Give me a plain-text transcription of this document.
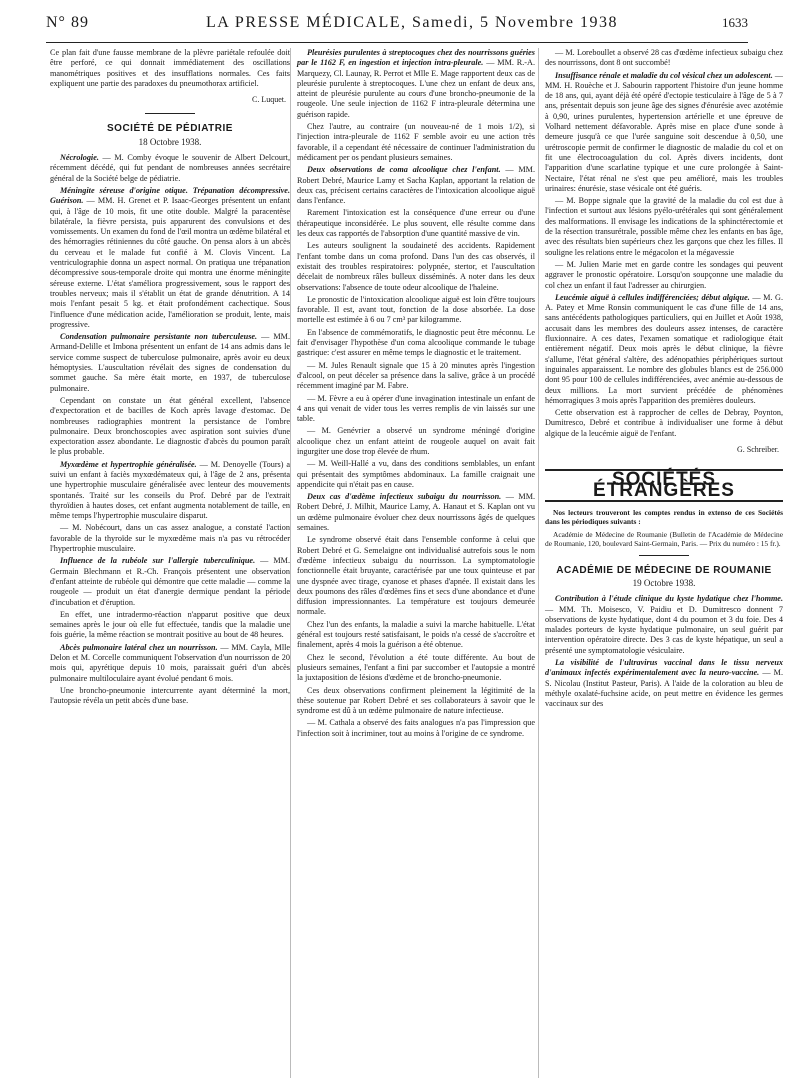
N° 89	LA PRESSE MÉDICALE, Samedi, 5 Novembre 1938	1633

Ce plan fait d'une fausse membrane de la plèvre pariétale refoulée doit être perforé, ce qui donnait immédiatement des oscillations manométriques positives et des insufflations normales. Ces faits expliquent une partie des paradoxes du pneumothorax artificiel.

C. Luquet.

SOCIÉTÉ DE PÉDIATRIE
18 Octobre 1938.

Nécrologie. — M. Comby évoque le souvenir de Albert Delcourt, récemment décédé, qui fut pendant de nombreuses années secrétaire général de la Société belge de pédiatrie.

Méningite séreuse d'origine otique. Trépanation décompressive. Guérison. — MM. H. Grenet et P. Isaac-Georges présentent un enfant qui, à l'âge de 10 mois, fit une otite double. Malgré la paracentèse bilatérale, la fièvre persista, puis apparurent des convulsions et des vomissements. Un examen du fond de l'œil montra un œdème bilatéral et des hémorragies rétiniennes du côté gauche. On pensa alors à un abcès du cerveau et le malade fut confié à M. Clovis Vincent. La ventriculographie donna un aspect normal. On pratiqua une trépanation décompressive sous-temporale droite qui montra une énorme méningite séreuse externe. L'état s'améliora progressivement, sous le rapport des troubles nerveux; mais il s'établit un état de grande dénutrition. A 14 mois l'enfant pesait 5 kg. et était profondément cachectique. Sous l'influence d'une médication acide, l'amélioration se produit, lente, mais progressive.

Condensation pulmonaire persistante non tuberculeuse. — MM. Armand-Delille et Imbona présentent un enfant de 14 ans admis dans le service comme suspect de tuberculose pulmonaire, après avoir eu deux hémoptysies. L'auscultation révélait des signes de condensation du sommet gauche. Sa mère était morte, en 1937, de tuberculose pulmonaire.

Cependant on constate un état général excellent, l'absence d'expectoration et de bacilles de Koch après lavage d'estomac. De nombreuses radiographies montrent la persistance de l'ombre pulmonaire. Deux bronchoscopies avec aspiration sont suivies d'une expectoration assez abondante. Le diagnostic d'abcès du poumon paraît le plus probable.

Myxœdème et hypertrophie généralisée. — M. Denoyelle (Tours) a suivi un enfant à faciès myxœdémateux qui, à l'âge de 2 ans, présenta une hypertrophie musculaire généralisée avec lenteur des mouvements spontanés. Traité sur les conseils du Prof. Debré par de l'extrait thyroïdien à hautes doses, cet enfant augmenta notablement de taille, en même temps l'hypertrophie musculaire disparut.

— M. Nobécourt, dans un cas assez analogue, a constaté l'action favorable de la thyroïde sur le myxœdème mais n'a pas vu rétrocéder l'hypertrophie musculaire.

Influence de la rubéole sur l'allergie tuberculinique. — MM. Germain Blechmann et R.-Ch. François présentent une observation d'enfant atteinte de rubéole qui démontre que cette maladie — comme la rougeole — produit un état d'anergie dermique pendant la période d'incubation et d'éruption.

En effet, une intradermo-réaction n'apparut positive que deux semaines après le jour où elle fut effectuée, tandis que la maladie une fois guérie, la même réaction se montrait positive au bout de 48 heures.

Abcès pulmonaire latéral chez un nourrisson. — MM. Cayla, Mlle Delon et M. Corcelle communiquent l'observation d'un nourrisson de 20 mois qui, apyrétique depuis 10 mois, paraissait guéri d'un abcès pulmonaire multiloculaire ayant évolué pendant 6 mois.

Une broncho-pneumonie intercurrente ayant déterminé la mort, l'autopsie révéla un petit abcès d'une base.

Pleurésies purulentes à streptocoques chez des nourrissons guéries par le 1162 F, en ingestion et injection intra-pleurale. — MM. R.-A. Marquezy, Cl. Launay, R. Perrot et Mlle E. Mage rapportent deux cas de pleurésie purulente à streptocoques. L'une chez un enfant de deux ans, atteint de pleurésie purulente au cours d'une broncho-pneumonie de la rougeole. Une seule injection de 1162 F intra-pleurale détermina une guérison rapide.

Chez l'autre, au contraire (un nouveau-né de 1 mois 1/2), si l'injection intra-pleurale de 1162 F semble avoir eu une action très favorable, il a cependant été nécessaire de continuer l'administration du médicament per os pendant plusieurs semaines.

Deux observations de coma alcoolique chez l'enfant. — MM. Robert Debré, Maurice Lamy et Sacha Kaplan, apportant la relation de deux cas, précisent certains caractères de l'intoxication alcoolique aiguë dans l'enfance.

Rarement l'intoxication est la conséquence d'une erreur ou d'une thérapeutique inconsidérée. Le plus souvent, elle résulte comme dans les deux cas rapportés de l'absorption d'une quantité massive de vin.

Les auteurs soulignent la soudaineté des accidents. Rapidement l'enfant tombe dans un coma profond. Dans l'un des cas observés, il existait des troubles respiratoires: polypnée, stertor, et l'auscultation décelait de nombreux râles bulleux disséminés. A noter dans les deux observations: l'absence de toute odeur alcoolique de l'haleine.

Le pronostic de l'intoxication alcoolique aiguë est loin d'être toujours favorable. Il est, avant tout, fonction de la dose absorbée. La dose mortelle est estimée à 6 ou 7 cm³ par kilogramme.

En l'absence de commémoratifs, le diagnostic peut être méconnu. Le fait d'envisager l'hypothèse d'un coma alcoolique commande le tubage gastrique: c'est assurer en même temps le diagnostic et le traitement.

— M. Jules Renault signale que 15 à 20 minutes après l'ingestion d'alcool, on peut déceler sa présence dans la salive, grâce à un procédé récemment imaginé par M. Fabre.

— M. Fèvre a eu à opérer d'une invagination intestinale un enfant de 4 ans qui venait de vider tous les verres remplis de vin laissés sur une table.

— M. Genévrier a observé un syndrome méningé d'origine alcoolique chez un enfant atteint de rougeole auquel on avait fait ingurgiter une dose trop élevée de rhum.

— M. Weill-Hallé a vu, dans des conditions semblables, un enfant qui présentait des symptômes abdominaux. La famille craignait une appendicite qui n'était pas en cause.

Deux cas d'œdème infectieux subaigu du nourrisson. — MM. Robert Debré, J. Milhit, Maurice Lamy, A. Hanaut et S. Kaplan ont vu un œdème pulmonaire évoluer chez deux nourrissons âgés de quelques semaines.

Le syndrome observé était dans l'ensemble conforme à celui que Robert Debré et G. Semelaigne ont individualisé autrefois sous le nom d'œdème infectieux subaigu du nourrisson. La symptomatologie fonctionnelle était bruyante, caractérisée par une toux quinteuse et par une dyspnée avec tirage, cyanose et phases d'apnée. Il existait dans les deux poumons des râles d'œdèmes fins et secs d'une abondance et d'une diffusion impressionnantes. La température est toujours demeurée normale.

Chez l'un des enfants, la maladie a suivi la marche habituelle. L'état général est toujours resté satisfaisant, le poids n'a cessé de s'accroître et finalement, après 4 mois la guérison a été obtenue.

Chez le second, l'évolution a été toute différente. Au bout de plusieurs semaines, l'enfant a fini par succomber et l'autopsie a montré la juxtaposition de lésions d'œdème et de broncho-pneumonie.

Ces deux observations confirment pleinement la légitimité de la thèse soutenue par Robert Debré et ses collaborateurs à savoir que le syndrome est dû à un œdème pulmonaire de nature infectieuse.

— M. Cathala a observé des faits analogues n'a pas l'impression que l'infection soit à incriminer, tout au moins à l'origine de ce syndrome.

— M. Loreboullet a observé 28 cas d'œdème infectieux subaigu chez des nourrissons, dont 8 ont succombé!

Insuffisance rénale et maladie du col vésical chez un adolescent. — MM. H. Rouèche et J. Sabourin rapportent l'histoire d'un jeune homme de 18 ans, qui, ayant déjà été opéré d'ectopie testiculaire à l'âge de 5 à 7 ans, présentait depuis son jeune âge des signes d'énurésie avec azotémie à 0,90, urines purulentes, hypertension artérielle et une épreuve de Volhard nettement défavorable. Après mise en place d'une sonde à demeure jusqu'à ce que l'urée sanguine soit descendue à 0,50, une urétroscopie permit de confirmer le diagnostic de maladie du col et on fit une électrocoagulation du col. Après divers incidents, dont l'apparition d'une scarlatine typique et une cure prolongée à Saint-Nectaire, l'état rénal ne s'est que peu amélioré, mais les troubles urinaires: énurésie, stase vésicale ont été guéris.

— M. Boppe signale que la gravité de la maladie du col est due à l'infection et surtout aux lésions pyélo-urétérales qui sont généralement des malformations. Il envisage les indications de la sphinctérectomie et de la résection transurétrale, possible même chez les enfants en bas âge, avec des résultats bien supérieurs chez les garçons que chez les filles. Il souligne les relations entre le mégacolon et la mégavessie

— M. Julien Marie met en garde contre les sondages qui peuvent aggraver le pronostic opératoire. Lorsqu'on soupçonne une maladie du col chez un enfant il faut l'adresser au chirurgien.

Leucémie aiguë à cellules indifférenciées; début algique. — M. G. A. Patey et Mme Ronsin communiquent le cas d'une fille de 14 ans, sans antécédents pathologiques particuliers, qui en Juillet et Août 1938, accusait dans les membres des douleurs assez intenses, de caractère fluxionnaire. A ces dates, l'examen somatique et radiologique était entièrement négatif. Deux mois après le début clinique, la fièvre s'allume, l'état général s'altère, des adénopathies périphériques surtout inguinales apparaissent. Le nombre des globules blancs est de 256.000 dont 95 pour 100 de cellules indifférenciées, avec anémie au-dessous de deux millions. La mort survient précédée de phénomènes hémorragiques 3 mois après l'apparition des premières douleurs.

Cette observation est à rapprocher de celles de Debray, Poynton, Dumitresco, Debré et contribue à individualiser une forme à début algique de la leucémie aiguë de l'enfant.

G. Schreiber.

SOCIÉTÉS ÉTRANGÈRES

Nos lecteurs trouveront les comptes rendus in extenso de ces Sociétés dans les périodiques suivants :

Académie de Médecine de Roumanie (Bulletin de l'Académie de Médecine de Roumanie, 120, boulevard Saint-Germain, Paris. — Prix du numéro : 15 fr.).

ACADÉMIE DE MÉDECINE DE ROUMANIE
19 Octobre 1938.

Contribution à l'étude clinique du kyste hydatique chez l'homme. — MM. Th. Moisesco, V. Paidiu et D. Dumitresco donnent 7 observations de kyste hydatique, dont 4 du poumon et 3 du foie. Des 4 malades porteurs de kyste hydatique pulmonaire, un seul guérit par intervention opératoire directe. Des 3 cas de kyste hépatique, un seul a présenté une symptomatologie vésiculaire.

La visibilité de l'ultravirus vaccinal dans le tissu nerveux d'animaux infectés expérimentalement avec la neuro-vaccine. — M. S. Nicolau (Institut Pasteur, Paris). A l'aide de la coloration au bleu de méthyle oxalaté-fuchsine acide, on peut mettre en évidence les germes vaccinaux sur des
